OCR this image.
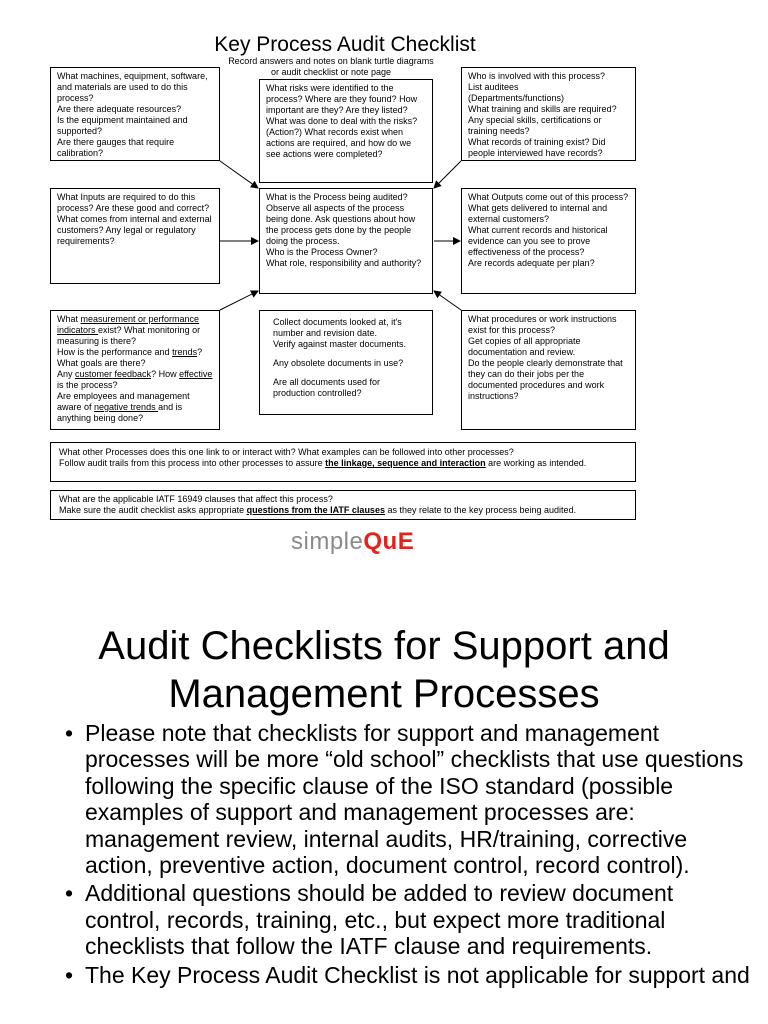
Key Process Audit Checklist
Record answers and notes on blank turtle diagrams
or audit checklist or note page

What machines, equipment, software, and materials are used to do this process?

Are there adequate resources?

Is the equipment maintained and supported?

Are there gauges that require calibration?

What risks were identified to the process? Where are they found? How important are they? Are they listed? What was done to deal with the risks? (Action?) What records exist when actions are required, and how do we see actions were completed?

Who is involved with this process?

List auditees

(Departments/functions)

What training and skills are required? Any special skills, certifications or training needs?

What records of training exist? Did people interviewed have records?

What Inputs are required to do this process? Are these good and correct?

What comes from internal and external customers? Any legal or regulatory requirements?

What is the Process being audited? Observe all aspects of the process being done. Ask questions about how the process gets done by the people doing the process.

Who is the Process Owner?

What role, responsibility and authority?

What Outputs come out of this process?

What gets delivered to internal and external customers?

What current records and historical evidence can you see to prove effectiveness of the process?

Are records adequate per plan?

What measurement or performance indicators exist? What monitoring or measuring is there?

How is the performance and trends?

What goals are there?

Any customer feedback? How effective is the process?

Are employees and management aware of negative trends and is anything being done?

Collect documents looked at, it's number and revision date.
Verify against master documents.

Any obsolete documents in use?

Are all documents used for production controlled?

What procedures or work instructions exist for this process?

Get copies of all appropriate documentation and review.

Do the people clearly demonstrate that they can do their jobs per the documented procedures and work instructions?

What other Processes does this one link to or interact with? What examples can be followed into other processes?

Follow audit trails from this process into other processes to assure the linkage, sequence and interaction are working as intended.

What are the applicable IATF 16949 clauses that affect this process?

Make sure the audit checklist asks appropriate questions from the IATF clauses as they relate to the key process being audited.

simpleQuE
Audit Checklists for Support and
Management Processes
• Please note that checklists for support and management processes will be more “old school” checklists that use questions following the specific clause of the ISO standard (possible examples of support and management processes are: management review, internal audits, HR/training, corrective action, preventive action, document control, record control).
• Additional questions should be added to review document control, records, training, etc., but expect more traditional checklists that follow the IATF clause and requirements.
• The Key Process Audit Checklist is not applicable for support and
